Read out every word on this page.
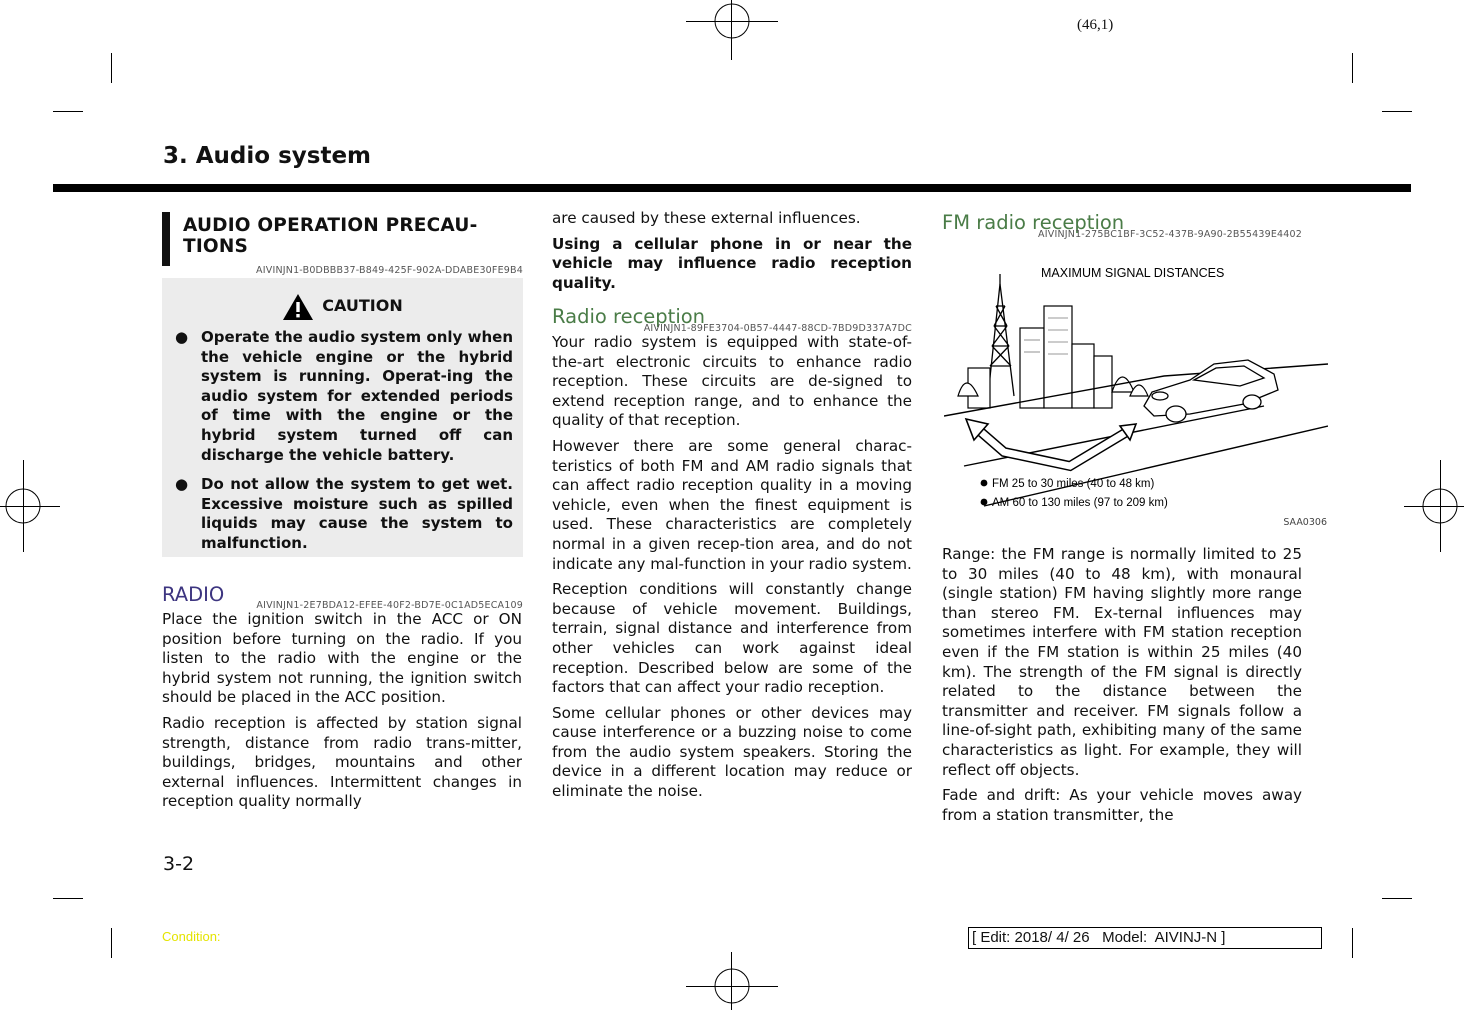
(46,1)
3. Audio system
AUDIO OPERATION PRECAU-
TIONS
AIVINJN1-B0DBBB37-B849-425F-902A-DDABE30FE9B4
CAUTION
● Operate the audio system only when the vehicle engine or the hybrid system is running. Operat-ing the audio system for extended periods of time with the engine or the hybrid system turned off can discharge the vehicle battery.
● Do not allow the system to get wet. Excessive moisture such as spilled liquids may cause the system to malfunction.
RADIO	AIVINJN1-2E7BDA12-EFEE-40F2-BD7E-0C1AD5ECA109

Place the ignition switch in the ACC or ON position before turning on the radio. If you listen to the radio with the engine or the hybrid system not running, the ignition switch should be placed in the ACC position.

Radio reception is affected by station signal strength, distance from radio trans-mitter, buildings, bridges, mountains and other external influences. Intermittent changes in reception quality normally

are caused by these external influences.

Using a cellular phone in or near the vehicle may influence radio reception quality.

Radio reception
AIVINJN1-89FE3704-0B57-4447-88CD-7BD9D337A7DC

Your radio system is equipped with state-of-the-art electronic circuits to enhance radio reception. These circuits are de-signed to extend reception range, and to enhance the quality of that reception.

However there are some general charac-teristics of both FM and AM radio signals that can affect radio reception quality in a moving vehicle, even when the finest equipment is used. These characteristics are completely normal in a given recep-tion area, and do not indicate any mal-function in your radio system.

Reception conditions will constantly change because of vehicle movement. Buildings, terrain, signal distance and interference from other vehicles can work against ideal reception. Described below are some of the factors that can affect your radio reception.

Some cellular phones or other devices may cause interference or a buzzing noise to come from the audio system speakers. Storing the device in a different location may reduce or eliminate the noise.

FM radio reception
AIVINJN1-275BC1BF-3C52-437B-9A90-2B55439E4402
MAXIMUM SIGNAL DISTANCES
FM 25 to 30 miles (40 to 48 km)
AM 60 to 130 miles (97 to 209 km)
SAA0306

Range: the FM range is normally limited to 25 to 30 miles (40 to 48 km), with monaural (single station) FM having slightly more range than stereo FM. Ex-ternal influences may sometimes interfere with FM station reception even if the FM station is within 25 miles (40 km). The strength of the FM signal is directly related to the distance between the transmitter and receiver. FM signals follow a line-of-sight path, exhibiting many of the same characteristics as light. For example, they will reflect off objects.

Fade and drift: As your vehicle moves away from a station transmitter, the

3-2
Condition:	[ Edit: 2018/ 4/ 26   Model:  AIVINJ-N ]
